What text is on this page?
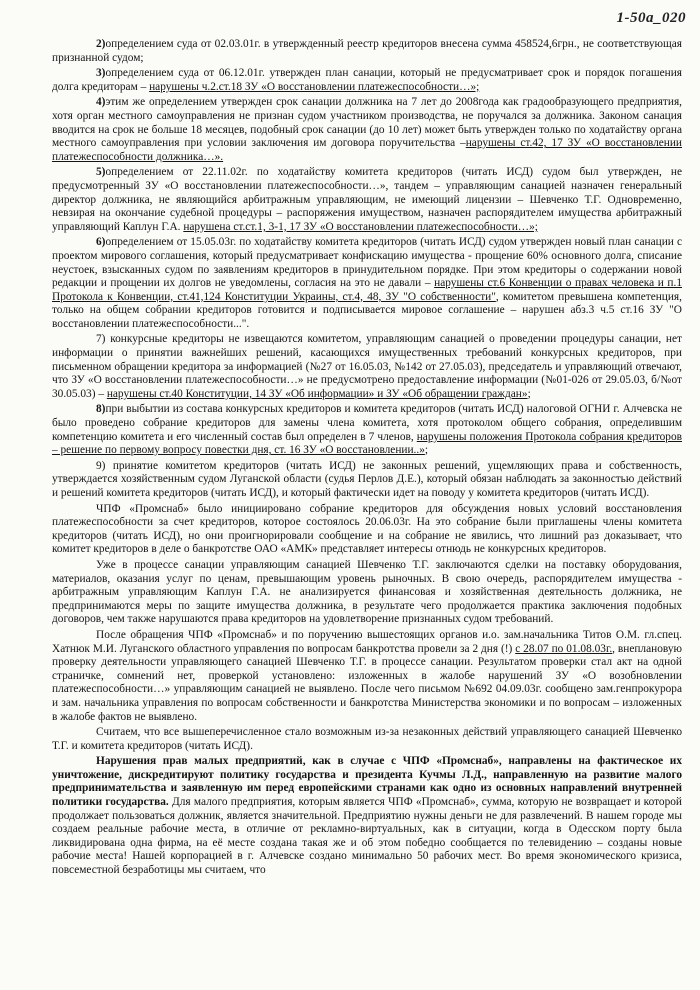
1-50а_020

2)определением суда от 02.03.01г. в утвержденный реестр кредиторов внесена сумма 458524,6грн., не соответствующая признанной судом;

3)определением суда от 06.12.01г. утвержден план санации, который не предусматривает срок и порядок погашения долга кредиторам – нарушены ч.2.ст.18 ЗУ «О восстановлении платежеспособности…»;

4)этим же определением утвержден срок санации должника на 7 лет до 2008года как градообразующего предприятия, хотя орган местного самоуправления не признан судом участником производства, не поручался за должника. Законом санация вводится на срок не больше 18 месяцев, подобный срок санации (до 10 лет) может быть утвержден только по ходатайству органа местного самоуправления при условии заключения им договора поручительства –нарушены ст.42, 17 ЗУ «О восстановлении платежеспособности должника…».

5)определением от 22.11.02г. по ходатайству комитета кредиторов (читать ИСД) судом был утвержден, не предусмотренный ЗУ «О восстановлении платежеспособности…», тандем – управляющим санацией назначен генеральный директор должника, не являющийся арбитражным управляющим, не имеющий лицензии – Шевченко Т.Г. Одновременно, невзирая на окончание судебной процедуры – распоряжения имуществом, назначен распорядителем имущества арбитражный управляющий Каплун Г.А. нарушена ст.ст.1, 3-1, 17 ЗУ «О восстановлении платежеспособности…»;

6)определением от 15.05.03г. по ходатайству комитета кредиторов (читать ИСД) судом утвержден новый план санации с проектом мирового соглашения, который предусматривает конфискацию имущества - прощение 60% основного долга, списание неустоек, взысканных судом по заявлениям кредиторов в принудительном порядке. При этом кредиторы о содержании новой редакции и прощении их долгов не уведомлены, согласия на это не давали – нарушены ст.6 Конвенции о правах человека и п.1 Протокола к Конвенции, ст.41,124 Конституции Украины, ст.4, 48, ЗУ "О собственности", комитетом превышена компетенция, только на общем собрании кредиторов готовится и подписывается мировое соглашение – нарушен абз.3 ч.5 ст.16 ЗУ "О восстановлении платежеспособности...".

7) конкурсные кредиторы не извещаются комитетом, управляющим санацией о проведении процедуры санации, нет информации о принятии важнейших решений, касающихся имущественных требований конкурсных кредиторов, при письменном обращении кредитора за информацией (№27 от 16.05.03, №142 от 27.05.03), председатель и управляющий отвечают, что ЗУ «О восстановлении платежеспособности…» не предусмотрено предоставление информации (№01-026 от 29.05.03, б/№от 30.05.03) – нарушены ст.40 Конституции, 14 ЗУ «Об информации» и ЗУ «Об обращении граждан»;

8)при выбытии из состава конкурсных кредиторов и комитета кредиторов (читать ИСД) налоговой ОГНИ г. Алчевска не было проведено собрание кредиторов для замены члена комитета, хотя протоколом общего собрания, определившим компетенцию комитета и его численный состав был определен в 7 членов, нарушены положения Протокола собрания кредиторов – решение по первому вопросу повестки дня, ст. 16 ЗУ «О восстановлении..»;

9) принятие комитетом кредиторов (читать ИСД) не законных решений, ущемляющих права и собственность, утверждается хозяйственным судом Луганской области (судья Перлов Д.Е.), который обязан наблюдать за законностью действий и решений комитета кредиторов (читать ИСД), и который фактически идет на поводу у комитета кредиторов (читать ИСД).

ЧПФ «Промснаб» было инициировано собрание кредиторов для обсуждения новых условий восстановления платежеспособности за счет кредиторов, которое состоялось 20.06.03г. На это собрание были приглашены члены комитета кредиторов (читать ИСД), но они проигнорировали сообщение и на собрание не явились, что лишний раз доказывает, что комитет кредиторов в деле о банкротстве ОАО «АМК» представляет интересы отнюдь не конкурсных кредиторов.

Уже в процессе санации управляющим санацией Шевченко Т.Г. заключаются сделки на поставку оборудования, материалов, оказания услуг по ценам, превышающим уровень рыночных. В свою очередь, распорядителем имущества - арбитражным управляющим Каплун Г.А. не анализируется финансовая и хозяйственная деятельность должника, не предпринимаются меры по защите имущества должника, в результате чего продолжается практика заключения подобных договоров, чем также нарушаются права кредиторов на удовлетворение признанных судом требований.

После обращения ЧПФ «Промснаб» и по поручению вышестоящих органов и.о. зам.начальника Титов О.М. гл.спец. Хатнюк М.И. Луганского областного управления по вопросам банкротства провели за 2 дня (!) с 28.07 по 01.08.03г., внеплановую проверку деятельности управляющего санацией Шевченко Т.Г. в процессе санации. Результатом проверки стал акт на одной страничке, сомнений нет, проверкой установлено: изложенных в жалобе нарушений ЗУ «О возобновлении платежеспособности…» управляющим санацией не выявлено. После чего письмом №692 04.09.03г. сообщено зам.генпрокурора и зам. начальника управления по вопросам собственности и банкротства Министерства экономики и по вопросам – изложенных в жалобе фактов не выявлено.

Считаем, что все вышеперечисленное стало возможным из-за незаконных действий управляющего санацией Шевченко Т.Г. и комитета кредиторов (читать ИСД).

Нарушения прав малых предприятий, как в случае с ЧПФ «Промснаб», направлены на фактическое их уничтожение, дискредитируют политику государства и президента Кучмы Л.Д., направленную на развитие малого предпринимательства и заявленную им перед европейскими странами как одно из основных направлений внутренней политики государства. Для малого предприятия, которым является ЧПФ «Промснаб», сумма, которую не возвращает и которой продолжает пользоваться должник, является значительной. Предприятию нужны деньги не для развлечений. В нашем городе мы создаем реальные рабочие места, в отличие от рекламно-виртуальных, как в ситуации, когда в Одесском порту была ликвидирована одна фирма, на её месте создана такая же и об этом победно сообщается по телевидению – созданы новые рабочие места! Нашей корпорацией в г. Алчевске создано минимально 50 рабочих мест. Во время экономического кризиса, повсеместной безработицы мы считаем, что
